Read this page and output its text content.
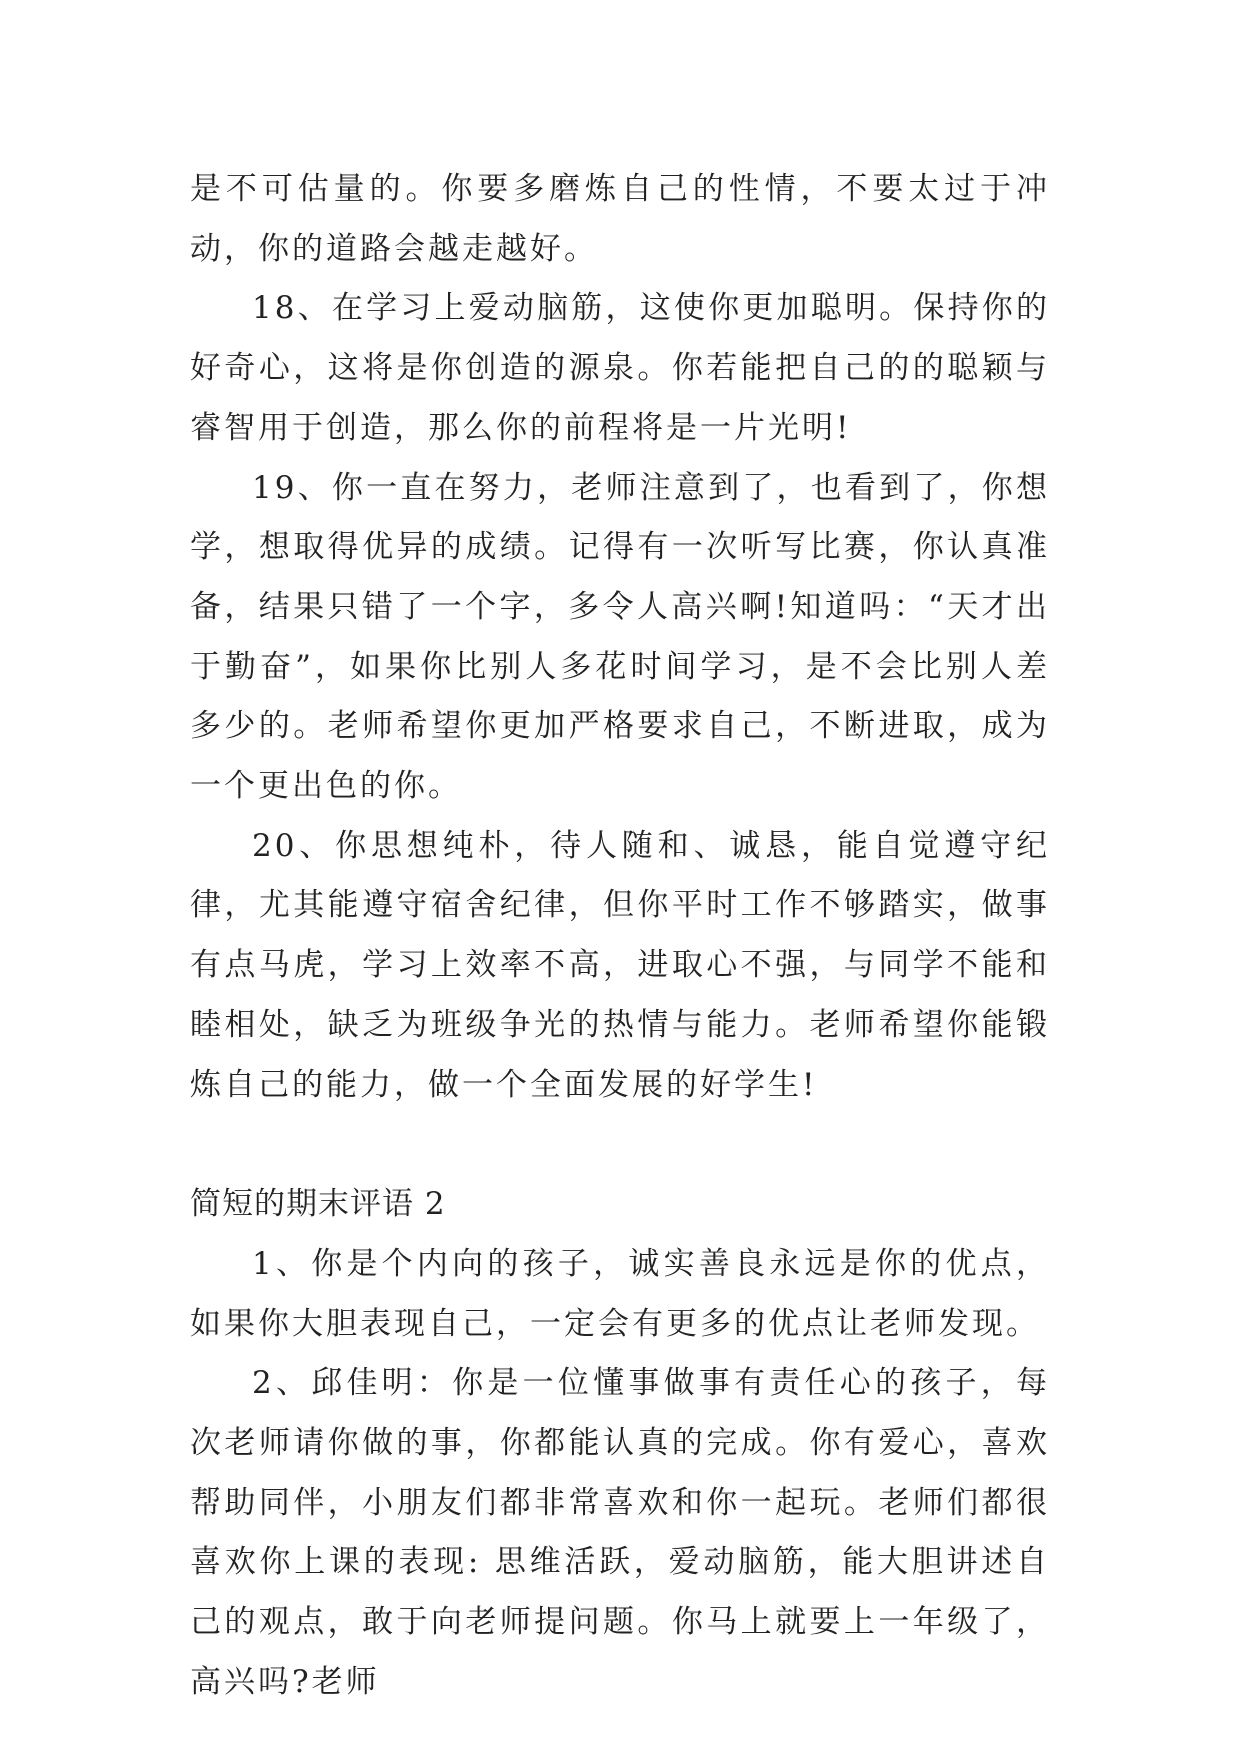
是不可估量的。你要多磨炼自己的性情，不要太过于冲动，你的道路会越走越好。

18、在学习上爱动脑筋，这使你更加聪明。保持你的好奇心，这将是你创造的源泉。你若能把自己的的聪颖与睿智用于创造，那么你的前程将是一片光明!

19、你一直在努力，老师注意到了，也看到了，你想学，想取得优异的成绩。记得有一次听写比赛，你认真准备，结果只错了一个字，多令人高兴啊!知道吗：“天才出于勤奋”，如果你比别人多花时间学习，是不会比别人差多少的。老师希望你更加严格要求自己，不断进取，成为一个更出色的你。

20、你思想纯朴，待人随和、诚恳，能自觉遵守纪律，尤其能遵守宿舍纪律，但你平时工作不够踏实，做事有点马虎，学习上效率不高，进取心不强，与同学不能和睦相处，缺乏为班级争光的热情与能力。老师希望你能锻炼自己的能力，做一个全面发展的好学生!

简短的期末评语 2

1、你是个内向的孩子，诚实善良永远是你的优点，如果你大胆表现自己，一定会有更多的优点让老师发现。

2、邱佳明：你是一位懂事做事有责任心的孩子，每次老师请你做的事，你都能认真的完成。你有爱心，喜欢帮助同伴，小朋友们都非常喜欢和你一起玩。老师们都很喜欢你上课的表现: 思维活跃，爱动脑筋，能大胆讲述自己的观点，敢于向老师提问题。你马上就要上一年级了，高兴吗?老师
